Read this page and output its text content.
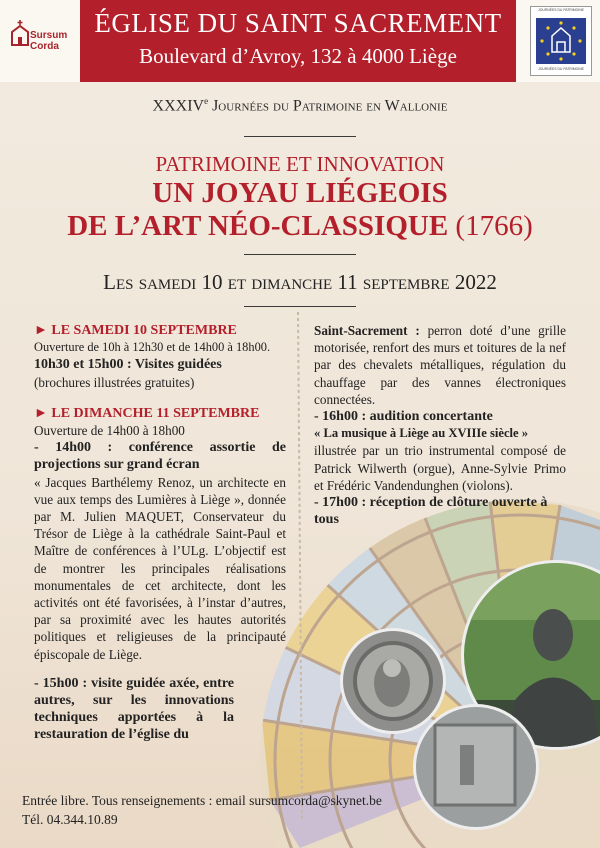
Sursum Corda
ÉGLISE DU SAINT SACREMENT
Boulevard d’Avroy, 132 à 4000 Liège
JOURNÉES DU PATRIMOINE
JOURNÉES DU PATRIMOINE
XXXIVe Journées du Patrimoine en Wallonie
PATRIMOINE ET INNOVATION
UN JOYAU LIÉGEOIS
DE L’ART NÉO-CLASSIQUE (1766)
Les samedi 10 et dimanche 11 septembre 2022

► LE SAMEDI 10 SEPTEMBRE

Ouverture de 10h à 12h30 et de 14h00 à 18h00.

10h30 et 15h00 : Visites guidées

(brochures illustrées gratuites)

► LE DIMANCHE 11 SEPTEMBRE

Ouverture de 14h00 à 18h00

- 14h00 : conférence assortie de projections sur grand écran

« Jacques Barthélemy Renoz, un architecte en vue aux temps des Lumières à Liège », donnée par M. Julien MAQUET, Conservateur du Trésor de Liège à la cathédrale Saint-Paul et Maître de conférences à l’ULg. L’objectif est de montrer les principales réalisations monumentales de cet architecte, dont les activités ont été favorisées, à l’instar d’autres, par sa proximité avec les hautes autorités politiques et religieuses de la principauté épiscopale de Liège.

- 15h00 : visite guidée axée, entre autres, sur les innovations techniques apportées à la restauration de l’église du

Saint-Sacrement : perron doté d’une grille motorisée, renfort des murs et toitures de la nef par des chevalets métalliques, régulation du chauffage par des vannes électroniques connectées.

- 16h00 : audition concertante

« La musique à Liège au XVIIIe siècle »

illustrée par un trio instrumental composé de Patrick Wilwerth (orgue), Anne-Sylvie Primo et Frédéric Vandendunghen (violons).

- 17h00 : réception de clôture ouverte à tous

Entrée libre. Tous renseignements : email sursumcorda@skynet.be
Tél. 04.344.10.89
